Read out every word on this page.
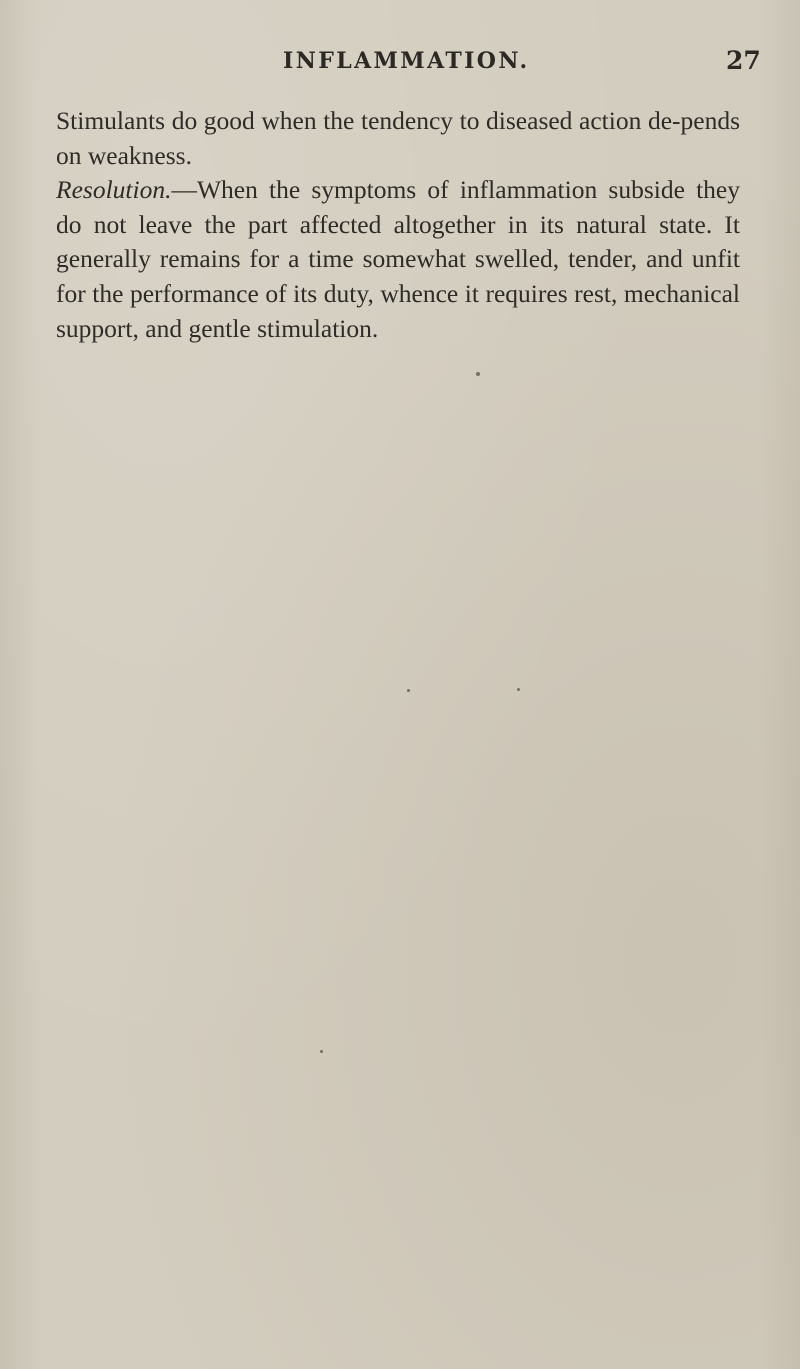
INFLAMMATION.	27

Stimulants do good when the tendency to diseased action de-pends on weakness.

Resolution.—When the symptoms of inflammation subside they do not leave the part affected altogether in its natural state. It generally remains for a time somewhat swelled, tender, and unfit for the performance of its duty, whence it requires rest, mechanical support, and gentle stimulation.
